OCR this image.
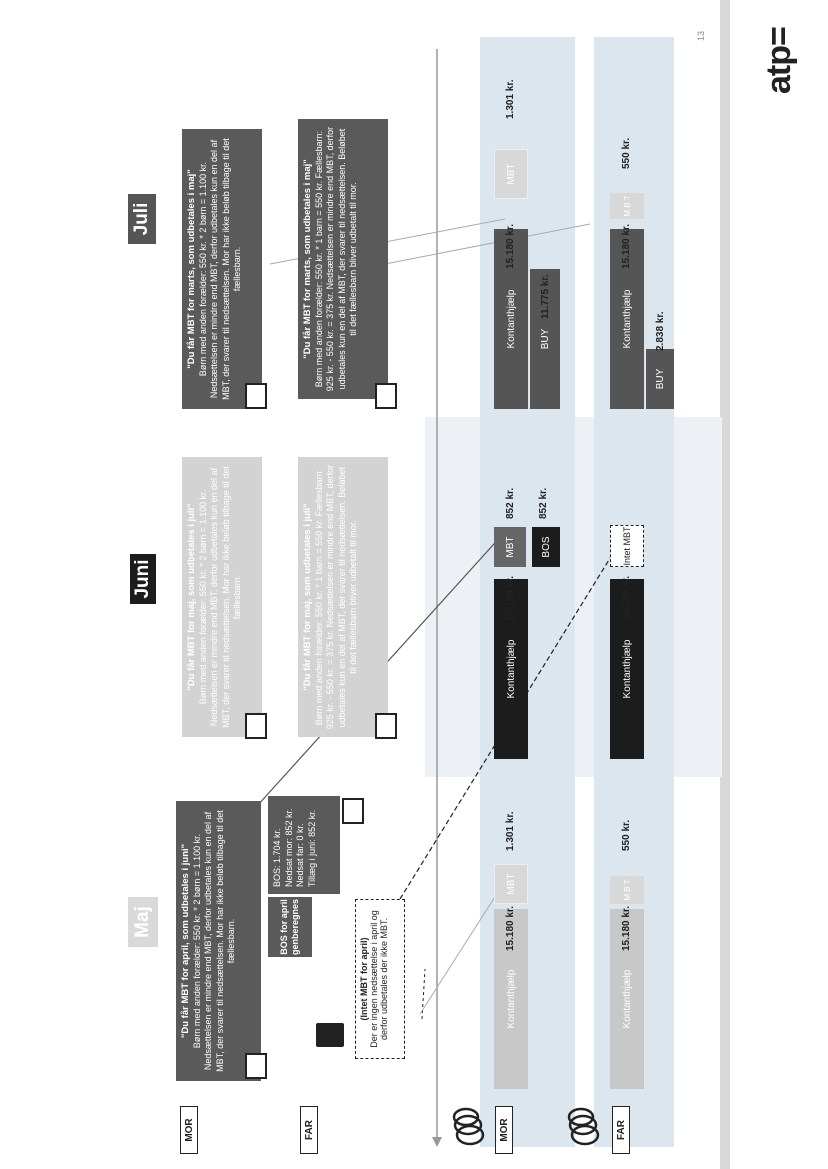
13 atp=
Maj
Juni
Juli
MOR	FAR	MOR	FAR
"Du får MBT for april, som udbetales i juni" Børn med anden forælder: 550 kr. * 2 børn = 1.100 kr. Nedsættelsen er mindre end MBT, derfor udbetales kun en del af MBT, der svarer til nedsættelsen. Mor har ikke beløb tilbage til det fællesbarn.	BOS for april genberegnes
BOS: 1.704 kr. Nedsat mor: 852 kr. Nedsat far: 0 kr. Tillæg i juni: 852 kr.
(Intet MBT for april) Der er ingen nedsættelse i april og derfor udbetales der ikke MBT.
"Du får MBT for maj, som udbetales i juli" Børn med anden forælder: 550 kr. * 2 børn = 1.100 kr. Nedsættelsen er mindre end MBT, derfor udbetales kun en del af MBT, der svarer til nedsættelsen. Mor har ikke beløb tilbage til det fællesbarn.	"Du får MBT for maj, som udbetales i juli" Børn med anden forælder: 550 kr. * 1 barn = 550 kr. Fællesbarn: 925 kr. - 550 kr. = 375 kr. Nedsættelsen er mindre end MBT, derfor udbetales kun en del af MBT, der svarer til nedsættelsen. Beløbet til det fællesbarn bliver udbetalt til mor.
"Du får MBT for marts, som udbetales i maj" Børn med anden forælder: 550 kr. * 2 børn = 1.100 kr. Nedsættelsen er mindre end MBT, derfor udbetales kun en del af MBT, der svarer til nedsættelsen. Mor har ikke beløb tilbage til det fællesbarn.	"Du får MBT for marts, som udbetales i maj" Børn med anden forælder: 550 kr. * 1 barn = 550 kr. Fællesbarn: 925 kr. - 550 kr. = 375 kr. Nedsættelsen er mindre end MBT, derfor udbetales kun en del af MBT, der svarer til nedsættelsen. Beløbet til det fællesbarn bliver udbetalt til mor.
Kontanthjælp
15.180 kr.
MBT
1.301 kr.
Kontanthjælp
15.180 kr.
MBT
852 kr.
BOS
852 kr.
Kontanthjælp
15.180 kr.
BUY
11.775 kr.
MBT
1.301 kr.
Kontanthjælp
15.180 kr.
M B T
550 kr.
Kontanthjælp
15.180 kr.
Intet MBT
Kontanthjælp
15.180 kr.
BUY
2.838 kr.
M B T
550 kr.
